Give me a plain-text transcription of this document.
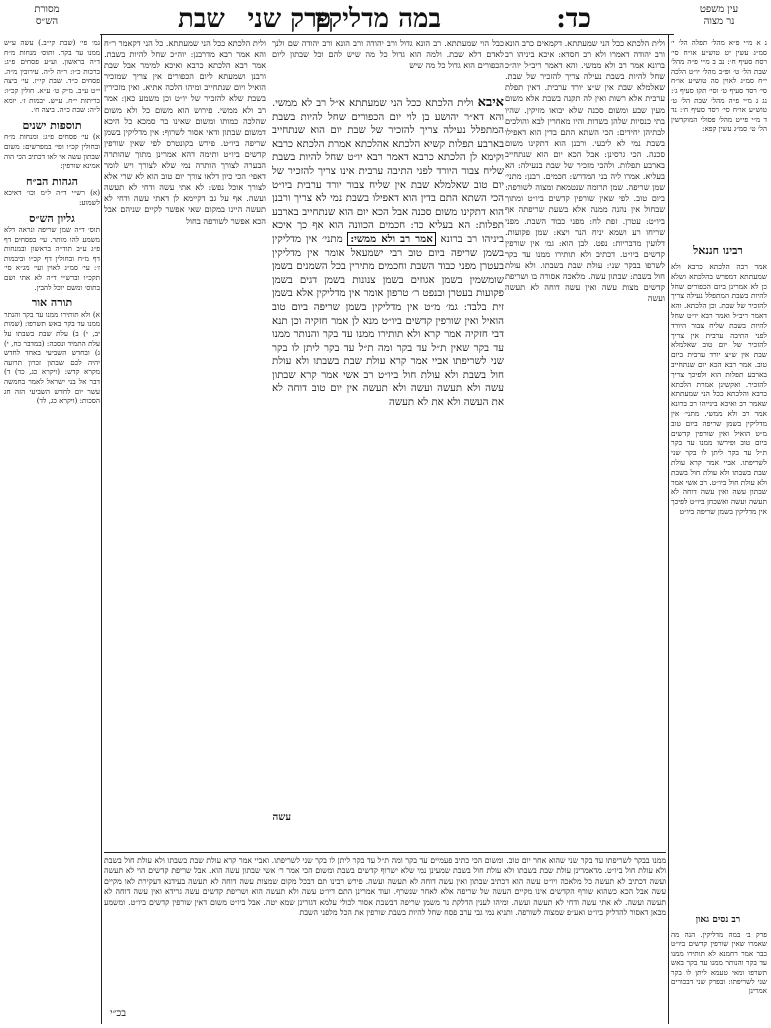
עין משפט
נר מצוה
כד:
במה מדליקין
פרק שני
שבת
מסורת
הש״ס

נ א מ״י פ״א מהל׳ תפלה הל׳ י׳ סמ״ג עשין יט טוש״ע או״ח סי׳ רסח סעיף ח׳: נב ב מ״י פ״ה מהל׳ שבת הל׳ ט׳ ופ״ב מהל׳ יו״ט הלכה י״ח סמ״ג לאוין סה טוש״ע או״ח סי׳ רסד סעיף ט׳ וסי׳ תקז סעיף ג׳: נג ג מ״י פ״ה מהל׳ שבת הל׳ ט׳ טוש״ע או״ח סי׳ רסד סעיף ח׳: נד ד מ״י פי״ט מהל׳ פסולי המוקדשין הל׳ ט׳ סמ״ג עשין קפא:

רבינו חננאל

אמר רבה הלכתא כרבא ולא שמעתתא דמפרש בהלכתא ושלא כן לא אמרינן ביום הכפורים שחל להיות בשבת המתפלל נעילה צריך להזכיר של שבת. וכן הלכתא. והא דאמר ריב״ל ואמר רבא יו״ט שחל להיות בשבת שליח צבור היורד לפני התיבה ערבית אין צריך להזכיר של יום טוב שאלמלא שבת אין ש״צ יורד ערבית ביום טוב. אמר רבא הכא יום שנתחייב בארבע תפלות הוא ולפיכך צריך להזכיר. ואקשינן אמרת הלכתא כרבא והלכתא ככל הני שמעתתא שאמר רב ואיכא בינייהו רב ברונא אמר רב ולא ממשי. מתני׳ אין מדליקין בשמן שריפה ביום טוב מ״ט הואיל ואין שורפין קדשים ביום טוב ופירשו ממנו עד בקר ת״ל עד בקר ליתן לו בקר שני לשריפתו. אביי אמר קרא עולת שבת בשבתו ולא עולת חול בשבת ולא עולת חול ביו״ט. רב אשי אמר שבתון עשה ואין עשה דוחה לא תעשה ועשה ואשכחן ביו״ט לפיכך אין מדליקין בשמן שריפה ביו״ט

רב נסים גאון

פרק ב׳ במה מדליקין. הנה מה שאמרו שאין שורפין קדשים ביו״ט כבר אמר רחמנא לא תותירו ממנו עד בקר והנותר ממנו עד בקר באש תשרפו ומאי טעמא ליתן לו בקר שני לשריפתו: ובפרק שני דבכורים אמרינן

ולית הלכתא ככל הני שמעתתא. דקמאים כרב הונא ורב יהודה דאמרו ולא רב חסדא: איכא ביניהו רב ברונא אמר רב ולא ממשי. והא דאמר ריב״ל יוה״כ שחל להיות בשבת נעילה צריך להזכיר של שבת. שאלמלא שבת אין ש״צ יורד ערבית. דאין תפלת ערבית אלא רשות ואין לה תקנה בשבת אלא משום מעין שבע ומשום סכנה שלא יבואו מזיקין. שהיו בתי כנסיות שלהן בשדות והיו מאחרין לבא והולכים לבתיהן יחידים: הכי השתא התם בדין הוא דאפילו בשבת נמי לא ליבעי. ורבנן הוא דתקינו משום סכנה. הכי גרסינן: אבל הכא יום הוא שנתחייב בארבע תפלות. ולהכי מזכיר של שבת בנעילה: הא בעליא. אמרו ליה בני המדרש: חכמים. רבנן: מתני׳ שמן שריפה. שמן תרומה שנטמאת ומצוה לשורפה: ביום טוב. לפי שאין שורפין קדשים ביו״ט ומתוך שבחול אין נהנה ממנה אלא בשעת שריפתה אף ביו״ט: עטרן. זפת לח: מפני כבוד השבת. מפני שריחו רע ושמא יניח הנר ויצא: שמן פקועות. דלועין מדבריות: נפט. לבן הוא: גמ׳ אין שורפין קדשים ביו״ט. דכתיב ולא תותירו ממנו עד בקר לשרפו בבקר שני: עולת שבת בשבתו. ולא עולת חול בשבת: שבתון עשה. מלאכה אסורה בו ושריפת קדשים מצות עשה ואין עשה דוחה לא תעשה ועשה

כבל הוי שמעתתא. רב הונא גדול ורב יהודה ורב הונא ורב יהודה שם ולנך לאדם דלא שבת. ולמה הוא גדול כל מה שיש להם וכל שבתון ליום הכפורים הוא גדול כל מה שיש

איבא ולית הלכתא ככל הני שמעתתא א״ל רב לא ממשי. והא דא״ר יהושע בן לוי יום הכפורים שחל להיות בשבת המתפלל נעילה צריך להזכיר של שבת יום הוא שנתחייב בארבע תפלות קשיא הלכתא אהלכתא אמרת הלכתא כרבא וקימא לן הלכתא כרבא דאמר רבא יו״ט שחל להיות בשבת שליח צבור היורד לפני התיבה ערבית אינו צריך להזכיר של יום טוב שאלמלא שבת אין שליח צבור יורד ערבית ביו״ט הכי השתא התם בדין הוא דאפילו בשבת נמי לא צריך ורבנן הוא דתקינו משום סכנה אבל הכא יום הוא שנתחייב בארבע תפלות: הא בעליא כד: חכמים הכוונה הוא אף כך איכא ביניהו רב ברונא אמר רב ולא ממשי: מתני׳ אין מדליקין בשמן שריפה ביום טוב רבי ישמעאל אומר אין מדליקין בעטרן מפני כבוד השבת וחכמים מתירין בכל השמנים בשמן שומשמין בשמן אגוזים בשמן צנונות בשמן דגים בשמן פקועות בעטרן ובנפט ר׳ טרפון אומר אין מדליקין אלא בשמן זית בלבד: גמ׳ מ״ט אין מדליקין בשמן שריפה ביום טוב הואיל ואין שורפין קדשים ביו״ט מנא לן אמר חזקיה וכן תנא דבי חזקיה אמר קרא ולא תותירו ממנו עד בקר והנותר ממנו עד בקר שאין ת״ל עד בקר ומה ת״ל עד בקר ליתן לו בקר שני לשריפתו אביי אמר קרא עולת שבת בשבתו ולא עולת חול בשבת ולא עולת חול ביו״ט רב אשי אמר קרא שבתון עשה ולא תעשה ועשה ולא תעשה אין יום טוב דוחה לא את העשה ולא את לא תעשה

עשה

ולית הלכתא ככל הני שמעתתא. כל הני דקאמר ר״ח והא אמר רבא מדרבנן: יוה״כ שחל להיות בשבת. אמר רבא הלכתא כרבא ואיכא למימר אבל שבת ורבנן ושמעתא ליום הכפורים אין צריך שמזכיר הואיל ויום שנתחייב ומיהו הלכה אתיא. ואין מזכירין בשבת שלא להזכיר של יו״ט וכן משמע כאן: אמר רב ולא ממשי. פירוש הוא משום כל ולא משום שהלכה כמותו ומשום שאינו בר סמכא כל היכא דמשום שבתון ודאי אסור לשרוף: אין מדליקין בשמן שריפה ביו״ט. פירש בקונטרס לפי שאין שורפין קדשים ביו״ט ותימה דהא אמרינן מתוך שהותרה הבערה לצורך הותרה נמי שלא לצורך ויש לומר דאפי׳ הכי כיון דלאו צורך יום טוב הוא לא שרי אלא לצורך אוכל נפש: לא אתי עשה ודחי לא תעשה ועשה. אף על גב דקיימא לן דאתי עשה ודחי לא תעשה היינו במקום שאי אפשר לקיים שניהם אבל הכא אפשר לשורפה בחול

גמ׳ פי׳ (שבת קי״ב.) עשה ע״ש ממנו עד בקר. ותוס׳ מנחות מ״ח ד״ה בראשון. וע״ע פסחים פ״ג: ברכות כ״ו: ר״ה ל״ה. עירובין מ״ה. פסחים כ״ד. שבת קי״ז. עי׳ ביצה י״ט ע״ב. מ״ק ט׳ ע״א. חולין קכ״ו: כריתות י״ח. ע״ש. יבמות ז׳. יומא ל״ה: שבת כ״ה. ביצה ח׳.

תוספות ישנים

א) עי׳ פסחים פ״ג: ומנחות מ״ח ובחולין קכ״ו ופי׳ במפרשים: משום שבתון עשה אי לאו דכתיב הכי הוה אמינא שורפין:

הגהות הב״ח

(א) רש״י ד״ה ל״מ וכו׳ דאיכא לשמוע:

גליון הש״ס

תוס׳ ד״ה שמן שריפה ונראה דלא משמע להו מותר. עי׳ בפסחים דף פ״ג ע״ב תוד״ה בראשון ובמנחות דף מ״ח ובחולין דף קכ״ו וביבמות ז׳: עי׳ סמ״ג לאוין ועי׳ מג״א סי׳ תקכ״ו וברש״י ד״ה לא אתי ושם בתוס׳ ומשם יוכל להבין.

תורה אור

א) ולא תותירו ממנו עד בקר והנתר ממנו עד בקר באש תשרפו: (שמות יב, י) ב) עלת שבת בשבתו על עלת התמיד ונסכה: (במדבר כח, י) ג) ובחדש השביעי באחד לחדש יהיה לכם שבתון זכרון תרועה מקרא קדש: (ויקרא כג, כד) ד) דבר אל בני ישראל לאמר בחמשה עשר יום לחדש השביעי הזה חג הסכות: (ויקרא כג, לד)

ממנו בבקר לשריפתו עד בקר שני שהוא אחר יום טוב. ומשום הכי כתיב פעמיים עד בקר ומה ת״ל עד בקר ליתן לו בקר שני לשריפתו. ואביי אמר קרא עולת שבת בשבתו ולא עולת חול בשבת ולא עולת חול ביו״ט. מדאמרינן עולת שבת בשבתו ולא עולת חול בשבת שמעינן נמי שלא ישרוף קדשים בשבת ומשום הכי אמר ר׳ אשי שבתון עשה הוא. אבל שריפת קדשים הוי לא תעשה ועשה דכתיב לא תעשה כל מלאכה ויו״ט עשה הוא דכתיב שבתון ואין עשה דוחה לא תעשה ועשה. פירש רבינו תם דבכל מקום שמצות עשה דוחה לא תעשה בעידנא דעקירת לאו מקיים עשה אבל הכא כשהוא שורף הקדשים אינו מקיים העשה של שריפה אלא לאחר שנשרף. ועוד אמרינן התם דיו״ט עשה ולא תעשה הוא ושריפת קדשים עשה גרידא ואין עשה דוחה לא תעשה ועשה. לא אתי עשה ודחי לא תעשה ועשה. ומיהו לענין הדלקת נר משמן שריפה דבשבת אסור לכולי עלמא דגזרינן שמא יטה. אבל ביו״ט משום דאין שורפין קדשים ביו״ט. ומשמע מכאן דאסור להדליק ביו״ט ואע״פ שמצוה לשורפה. ותניא נמי גבי ערב פסח שחל להיות בשבת שורפין את הכל מלפני השבת

בכ״י
